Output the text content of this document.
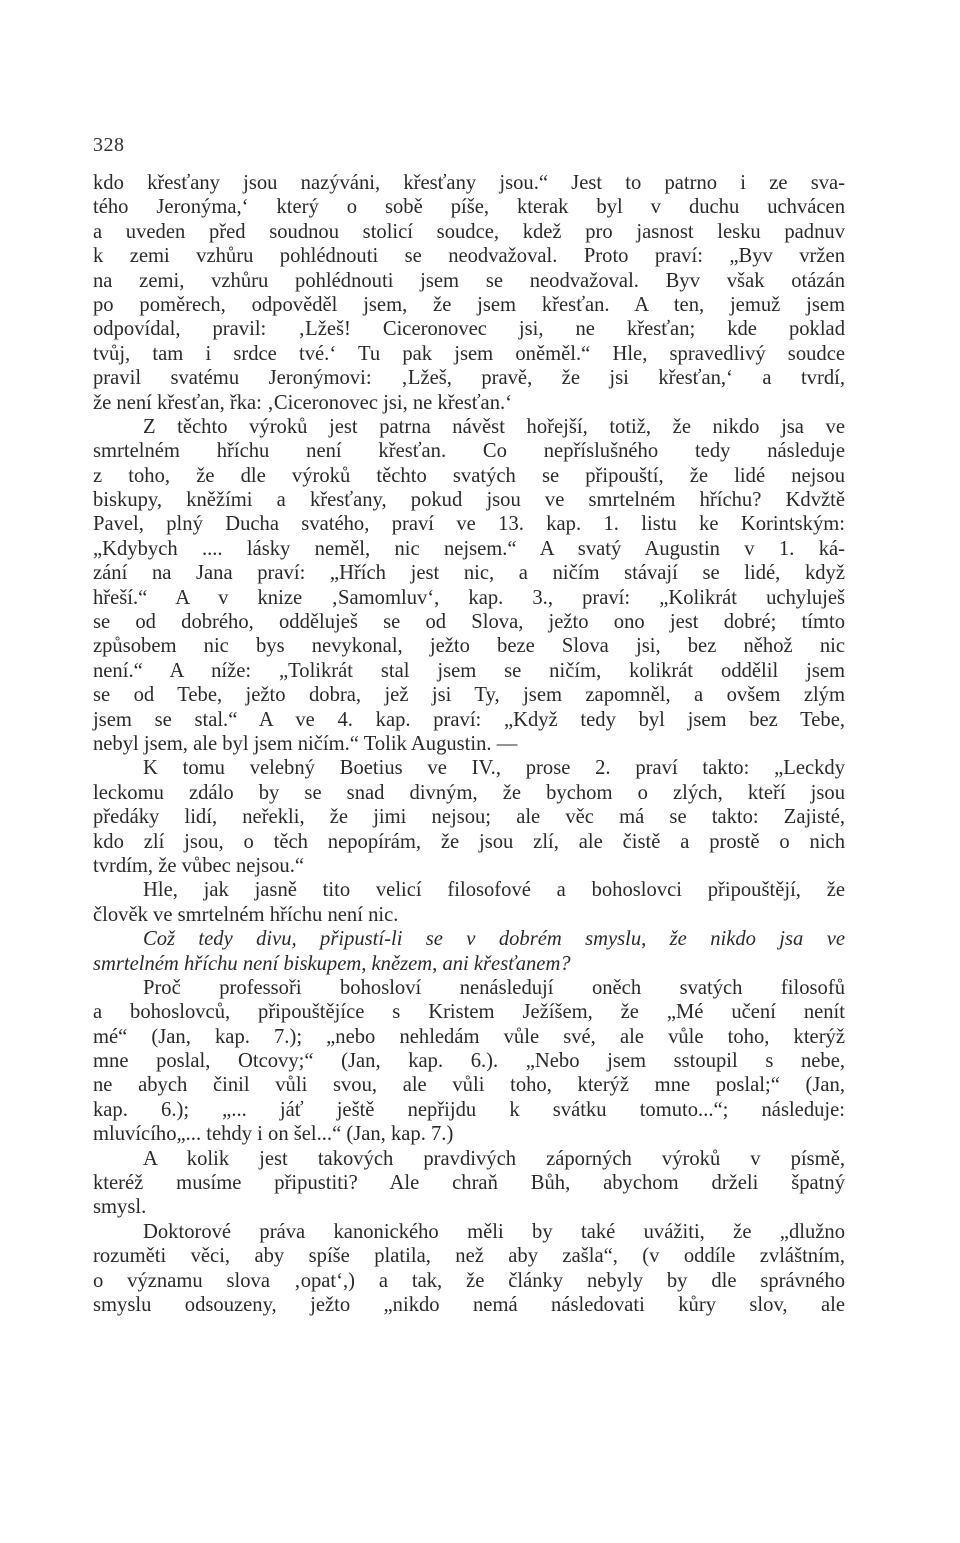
328
kdo křesťany jsou nazýváni, křesťany jsou.“ Jest to patrno i ze sva-
tého Jeronýma,‘ který o sobě píše, kterak byl v duchu uchvácen
a uveden před soudnou stolicí soudce, kdež pro jasnost lesku padnuv
k zemi vzhůru pohlédnouti se neodvažoval. Proto praví: „Byv vržen
na zemi, vzhůru pohlédnouti jsem se neodvažoval. Byv však otázán
po poměrech, odpověděl jsem, že jsem křesťan. A ten, jemuž jsem
odpovídal, pravil: ‚Lžeš! Ciceronovec jsi, ne křesťan; kde poklad
tvůj, tam i srdce tvé.‘ Tu pak jsem oněměl.“ Hle, spravedlivý soudce
pravil svatému Jeronýmovi: ‚Lžeš, pravě, že jsi křesťan,‘ a tvrdí,
že není křesťan, řka: ‚Ciceronovec jsi, ne křesťan.‘
Z těchto výroků jest patrna návěst hořejší, totiž, že nikdo jsa ve
smrtelném hříchu není křesťan. Co nepříslušného tedy následuje
z toho, že dle výroků těchto svatých se připouští, že lidé nejsou
biskupy, kněžími a křesťany, pokud jsou ve smrtelném hříchu? Kdvžtě
Pavel, plný Ducha svatého, praví ve 13. kap. 1. listu ke Korintským:
„Kdybych .... lásky neměl, nic nejsem.“ A svatý Augustin v 1. ká-
zání na Jana praví: „Hřích jest nic, a ničím stávají se lidé, když
hřeší.“ A v knize ‚Samomluv‘, kap. 3., praví: „Kolikrát uchyluješ
se od dobrého, odděluješ se od Slova, ježto ono jest dobré; tímto
způsobem nic bys nevykonal, ježto beze Slova jsi, bez něhož nic
není.“ A níže: „Tolikrát stal jsem se ničím, kolikrát oddělil jsem
se od Tebe, ježto dobra, jež jsi Ty, jsem zapomněl, a ovšem zlým
jsem se stal.“ A ve 4. kap. praví: „Když tedy byl jsem bez Tebe,
nebyl jsem, ale byl jsem ničím.“ Tolik Augustin. —
K tomu velebný Boetius ve IV., prose 2. praví takto: „Leckdy
leckomu zdálo by se snad divným, že bychom o zlých, kteří jsou
předáky lidí, neřekli, že jimi nejsou; ale věc má se takto: Zajisté,
kdo zlí jsou, o těch nepopírám, že jsou zlí, ale čistě a prostě o nich
tvrdím, že vůbec nejsou.“
Hle, jak jasně tito velicí filosofové a bohoslovci připouštějí, že
člověk ve smrtelném hříchu není nic.
Což tedy divu, připustí-li se v dobrém smyslu, že nikdo jsa ve
smrtelném hříchu není biskupem, knězem, ani křesťanem?
Proč professoři bohosloví nenásledují oněch svatých filosofů
a bohoslovců, připouštějíce s Kristem Ježíšem, že „Mé učení nenít
mé“ (Jan, kap. 7.); „nebo nehledám vůle své, ale vůle toho, kterýž
mne poslal, Otcovy;“ (Jan, kap. 6.). „Nebo jsem sstoupil s nebe,
ne abych činil vůli svou, ale vůli toho, kterýž mne poslal;“ (Jan,
kap. 6.); „... jáť ještě nepřijdu k svátku tomuto...“; následuje:
mluvícího„... tehdy i on šel...“ (Jan, kap. 7.)
A kolik jest takových pravdivých záporných výroků v písmě,
kteréž musíme připustiti? Ale chraň Bůh, abychom drželi špatný
smysl.
Doktorové práva kanonického měli by také uvážiti, že „dlužno
rozuměti věci, aby spíše platila, než aby zašla“, (v oddíle zvláštním,
o významu slova ‚opat‘,) a tak, že články nebyly by dle správného
smyslu odsouzeny, ježto „nikdo nemá následovati kůry slov, ale
